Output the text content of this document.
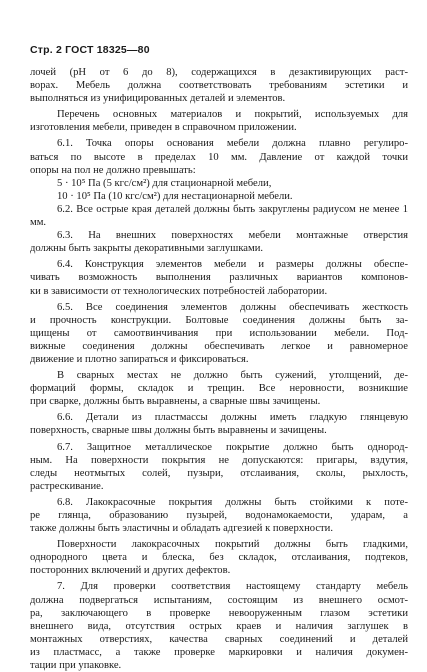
Стр. 2 ГОСТ 18325—80
лочей (рН от 6 до 8), содержащихся в дезактивирующих раст-
ворах. Мебель должна соответствовать требованиям эстетики и
выполняться из унифицированных деталей и элементов.
Перечень основных материалов и покрытий, используемых для
изготовления мебели, приведен в справочном приложении.
6.1. Точка опоры основания мебели должна плавно регулиро-
ваться по высоте в пределах 10 мм. Давление от каждой точки
опоры на пол не должно превышать:
5 · 10⁵ Па (5 кгс/см²) для стационарной мебели,
10 · 10⁵ Па (10 кгс/см²) для нестационарной мебели.
6.2. Все острые края деталей должны быть закруглены радиусом не менее 1 мм.
6.3. На внешних поверхностях мебели монтажные отверстия
должны быть закрыты декоративными заглушками.
6.4. Конструкция элементов мебели и размеры должны обеспе-
чивать возможность выполнения различных вариантов компонов-
ки в зависимости от технологических потребностей лаборатории.
6.5. Все соединения элементов должны обеспечивать жесткость
и прочность конструкции. Болтовые соединения должны быть за-
щищены от самоотвинчивания при использовании мебели. Под-
вижные соединения должны обеспечивать легкое и равномерное
движение и плотно запираться и фиксироваться.
В сварных местах не должно быть сужений, утолщений, де-
формаций формы, складок и трещин. Все неровности, возникшие
при сварке, должны быть выравнены, а сварные швы зачищены.
6.6. Детали из пластмассы должны иметь гладкую глянцевую
поверхность, сварные швы должны быть выравнены и зачищены.
6.7. Защитное металлическое покрытие должно быть однород-
ным. На поверхности покрытия не допускаются: пригары, вздутия,
следы неотмытых солей, пузыри, отслаивания, сколы, рыхлость,
растрескивание.
6.8. Лакокрасочные покрытия должны быть стойкими к поте-
ре глянца, образованию пузырей, водонамокаемости, ударам, а
также должны быть эластичны и обладать адгезией к поверхности.
Поверхности лакокрасочных покрытий должны быть гладкими,
однородного цвета и блеска, без складок, отслаивания, подтеков,
посторонних включений и других дефектов.
7. Для проверки соответствия настоящему стандарту мебель
должна подвергаться испытаниям, состоящим из внешнего осмот-
ра, заключающего в проверке невооруженным глазом эстетики
внешнего вида, отсутствия острых краев и наличия заглушек в
монтажных отверстиях, качества сварных соединений и деталей
из пластмасс, а также проверке маркировки и наличия докумен-
тации при упаковке.
